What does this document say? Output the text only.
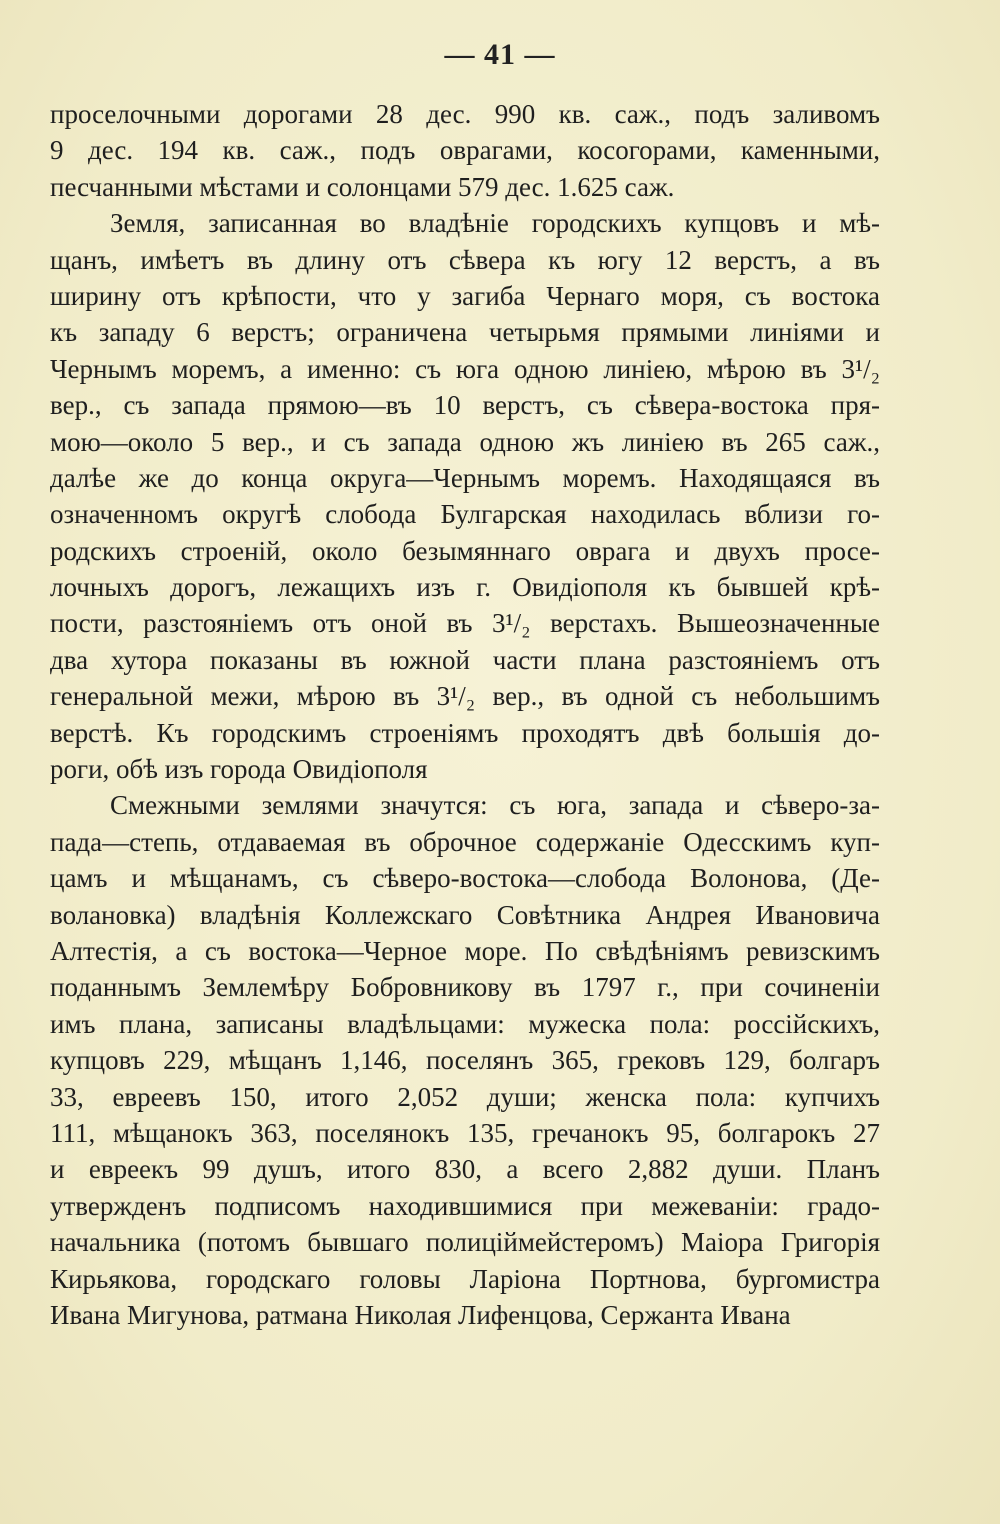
— 41 —
проселочными дорогами 28 дес. 990 кв. саж., подъ заливомъ
9 дес. 194 кв. саж., подъ оврагами, косогорами, каменными,
песчанными мѣстами и солонцами 579 дес. 1.625 саж.
Земля, записанная во владѣніе городскихъ купцовъ и мѣ-
щанъ, имѣетъ въ длину отъ сѣвера къ югу 12 верстъ, а въ
ширину отъ крѣпости, что у загиба Чернаго моря, съ востока
къ западу 6 верстъ; ограничена четырьмя прямыми линіями и
Чернымъ моремъ, а именно: съ юга одною линіею, мѣрою въ 3¹/₂
вер., съ запада прямою—въ 10 верстъ, съ сѣвера-востока пря-
мою—около 5 вер., и съ запада одною жъ линіею въ 265 саж.,
далѣе же до конца округа—Чернымъ моремъ. Находящаяся въ
означенномъ округѣ слобода Булгарская находилась вблизи го-
родскихъ строеній, около безымяннаго оврага и двухъ просе-
лочныхъ дорогъ, лежащихъ изъ г. Овидіополя къ бывшей крѣ-
пости, разстояніемъ отъ оной въ 3¹/₂ верстахъ. Вышеозначенные
два хутора показаны въ южной части плана разстояніемъ отъ
генеральной межи, мѣрою въ 3¹/₂ вер., въ одной съ небольшимъ
верстѣ. Къ городскимъ строеніямъ проходятъ двѣ большія до-
роги, обѣ изъ города Овидіополя
Смежными землями значутся: съ юга, запада и сѣверо-за-
пада—степь, отдаваемая въ оброчное содержаніе Одесскимъ куп-
цамъ и мѣщанамъ, съ сѣверо-востока—слобода Волонова, (Де-
волановка) владѣнія Коллежскаго Совѣтника Андрея Ивановича
Алтестія, а съ востока—Черное море. По свѣдѣніямъ ревизскимъ
поданнымъ Землемѣру Бобровникову въ 1797 г., при сочиненіи
имъ плана, записаны владѣльцами: мужеска пола: россійскихъ,
купцовъ 229, мѣщанъ 1,146, поселянъ 365, грековъ 129, болгаръ
33, евреевъ 150, итого 2,052 души; женска пола: купчихъ
111, мѣщанокъ 363, поселянокъ 135, гречанокъ 95, болгарокъ 27
и евреекъ 99 душъ, итого 830, а всего 2,882 души. Планъ
утвержденъ подписомъ находившимися при межеваніи: градо-
начальника (потомъ бывшаго полиціймейстеромъ) Маіора Григорія
Кирьякова, городскаго головы Ларіона Портнова, бургомистра
Ивана Мигунова, ратмана Николая Лифенцова, Сержанта Ивана
